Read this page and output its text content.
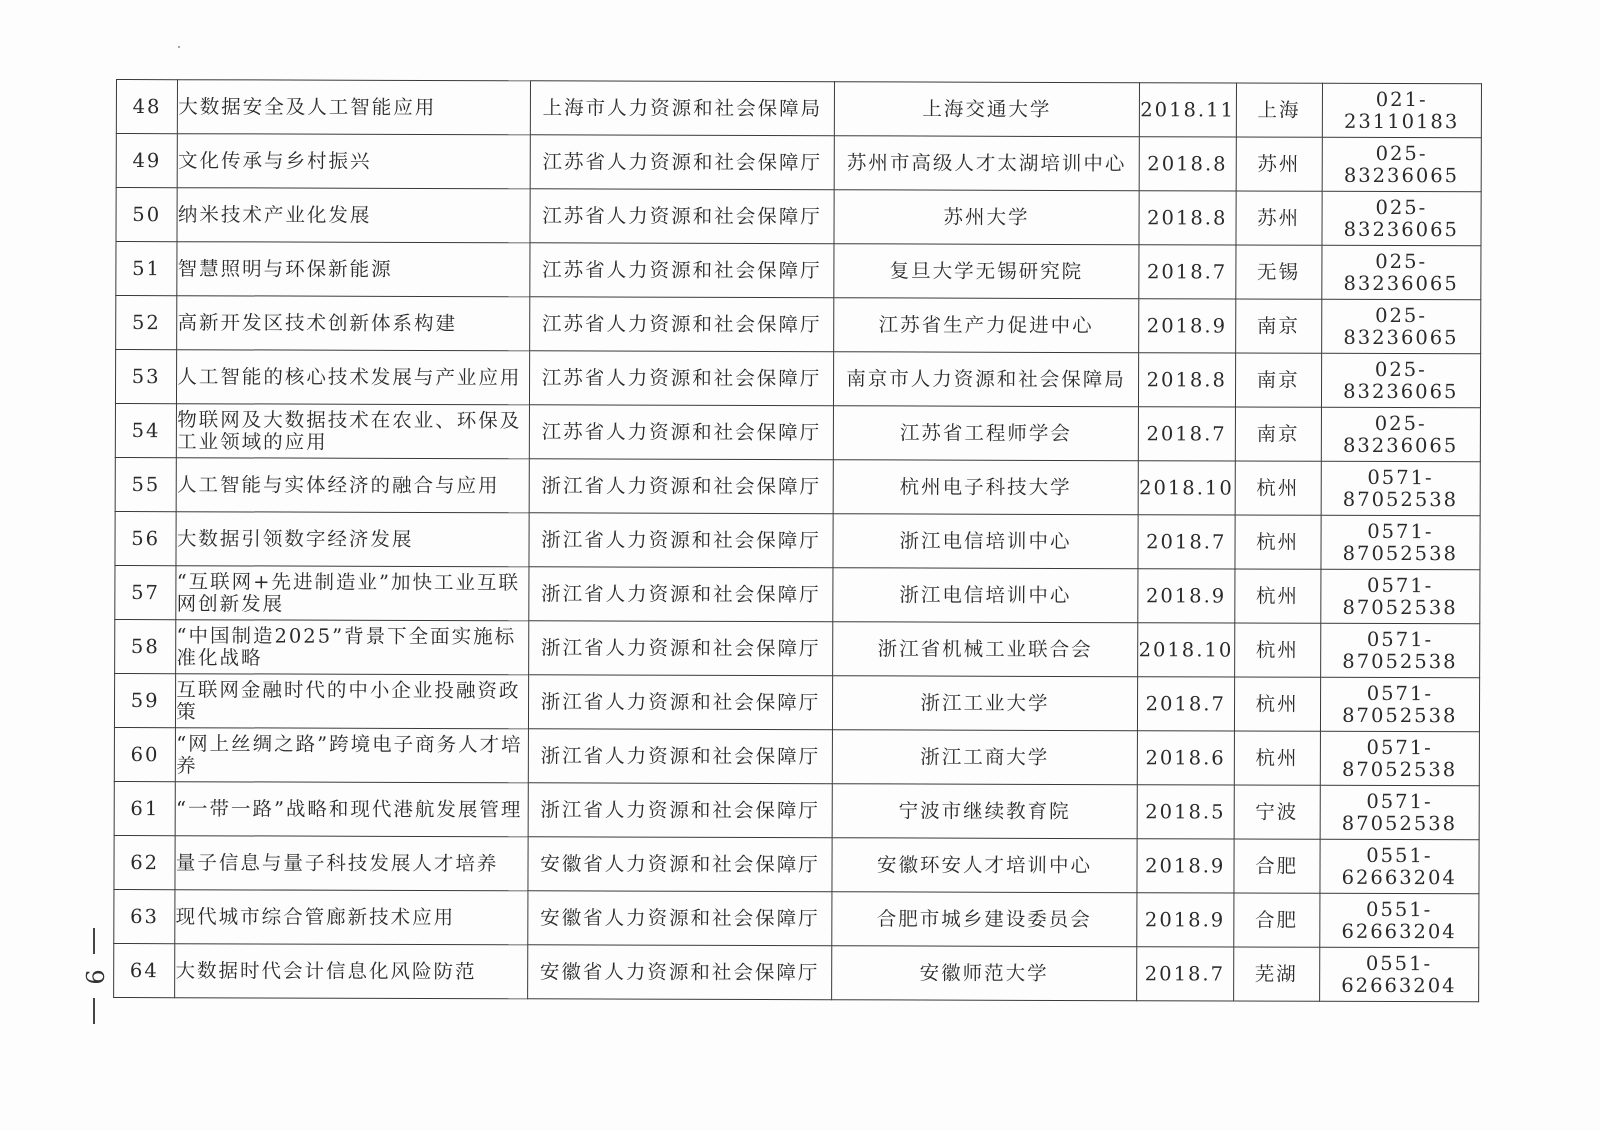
48	大数据安全及人工智能应用	上海市人力资源和社会保障局	上海交通大学	2018.11	上海	021-23110183
49	文化传承与乡村振兴	江苏省人力资源和社会保障厅	苏州市高级人才太湖培训中心	2018.8	苏州	025-83236065
50	纳米技术产业化发展	江苏省人力资源和社会保障厅	苏州大学	2018.8	苏州	025-83236065
51	智慧照明与环保新能源	江苏省人力资源和社会保障厅	复旦大学无锡研究院	2018.7	无锡	025-83236065
52	高新开发区技术创新体系构建	江苏省人力资源和社会保障厅	江苏省生产力促进中心	2018.9	南京	025-83236065
53	人工智能的核心技术发展与产业应用	江苏省人力资源和社会保障厅	南京市人力资源和社会保障局	2018.8	南京	025-83236065
54	物联网及大数据技术在农业、环保及工业领域的应用	江苏省人力资源和社会保障厅	江苏省工程师学会	2018.7	南京	025-83236065
55	人工智能与实体经济的融合与应用	浙江省人力资源和社会保障厅	杭州电子科技大学	2018.10	杭州	0571-87052538
56	大数据引领数字经济发展	浙江省人力资源和社会保障厅	浙江电信培训中心	2018.7	杭州	0571-87052538
57	“互联网+先进制造业”加快工业互联网创新发展	浙江省人力资源和社会保障厅	浙江电信培训中心	2018.9	杭州	0571-87052538
58	“中国制造2025”背景下全面实施标准化战略	浙江省人力资源和社会保障厅	浙江省机械工业联合会	2018.10	杭州	0571-87052538
59	互联网金融时代的中小企业投融资政策	浙江省人力资源和社会保障厅	浙江工业大学	2018.7	杭州	0571-87052538
60	“网上丝绸之路”跨境电子商务人才培养	浙江省人力资源和社会保障厅	浙江工商大学	2018.6	杭州	0571-87052538
61	“一带一路”战略和现代港航发展管理	浙江省人力资源和社会保障厅	宁波市继续教育院	2018.5	宁波	0571-87052538
62	量子信息与量子科技发展人才培养	安徽省人力资源和社会保障厅	安徽环安人才培训中心	2018.9	合肥	0551-62663204
63	现代城市综合管廊新技术应用	安徽省人力资源和社会保障厅	合肥市城乡建设委员会	2018.9	合肥	0551-62663204
64	大数据时代会计信息化风险防范	安徽省人力资源和社会保障厅	安徽师范大学	2018.7	芜湖	0551-62663204
9
